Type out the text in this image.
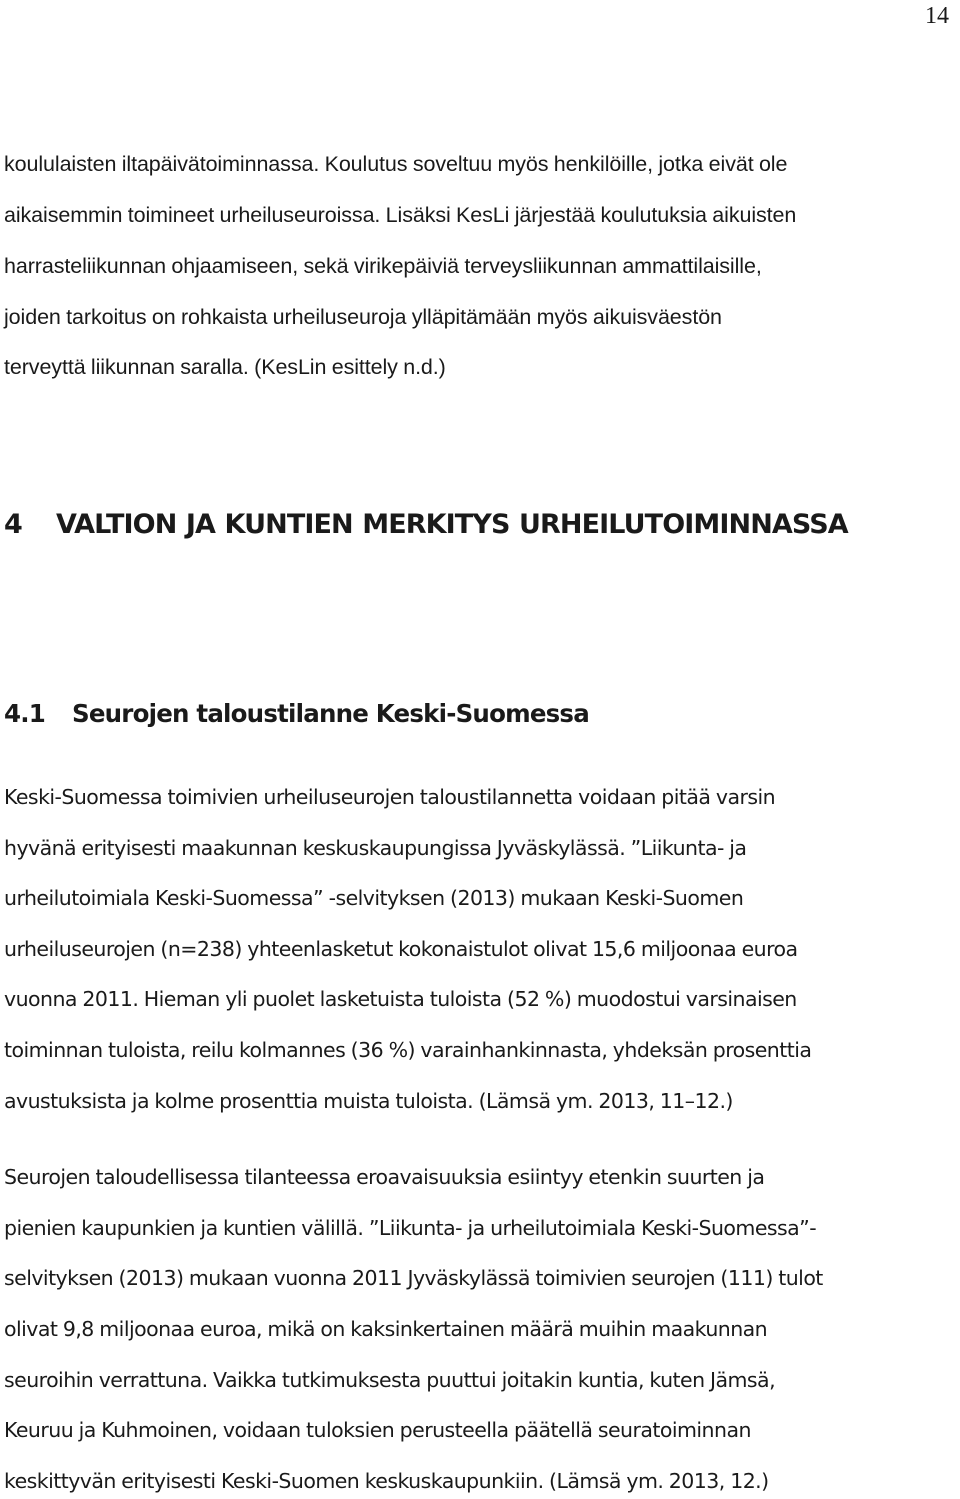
14

koululaisten iltapäivätoiminnassa. Koulutus soveltuu myös henkilöille, jotka eivät ole

aikaisemmin toimineet urheiluseuroissa. Lisäksi KesLi järjestää koulutuksia aikuisten

harrasteliikunnan ohjaamiseen, sekä virikepäiviä terveysliikunnan ammattilaisille,

joiden tarkoitus on rohkaista urheiluseuroja ylläpitämään myös aikuisväestön

terveyttä liikunnan saralla. (KesLin esittely n.d.)

4 VALTION JA KUNTIEN MERKITYS URHEILUTOIMINNASSA
4.1 Seurojen taloustilanne Keski-Suomessa

Keski-Suomessa toimivien urheiluseurojen taloustilannetta voidaan pitää varsin

hyvänä erityisesti maakunnan keskuskaupungissa Jyväskylässä. ”Liikunta- ja

urheilutoimiala Keski-Suomessa” -selvityksen (2013) mukaan Keski-Suomen

urheiluseurojen (n=238) yhteenlasketut kokonaistulot olivat 15,6 miljoonaa euroa

vuonna 2011. Hieman yli puolet lasketuista tuloista (52 %) muodostui varsinaisen

toiminnan tuloista, reilu kolmannes (36 %) varainhankinnasta, yhdeksän prosenttia

avustuksista ja kolme prosenttia muista tuloista. (Lämsä ym. 2013, 11–12.)

Seurojen taloudellisessa tilanteessa eroavaisuuksia esiintyy etenkin suurten ja

pienien kaupunkien ja kuntien välillä. ”Liikunta- ja urheilutoimiala Keski-Suomessa”-

selvityksen (2013) mukaan vuonna 2011 Jyväskylässä toimivien seurojen (111) tulot

olivat 9,8 miljoonaa euroa, mikä on kaksinkertainen määrä muihin maakunnan

seuroihin verrattuna. Vaikka tutkimuksesta puuttui joitakin kuntia, kuten Jämsä,

Keuruu ja Kuhmoinen, voidaan tuloksien perusteella päätellä seuratoiminnan

keskittyvän erityisesti Keski-Suomen keskuskaupunkiin. (Lämsä ym. 2013, 12.)
